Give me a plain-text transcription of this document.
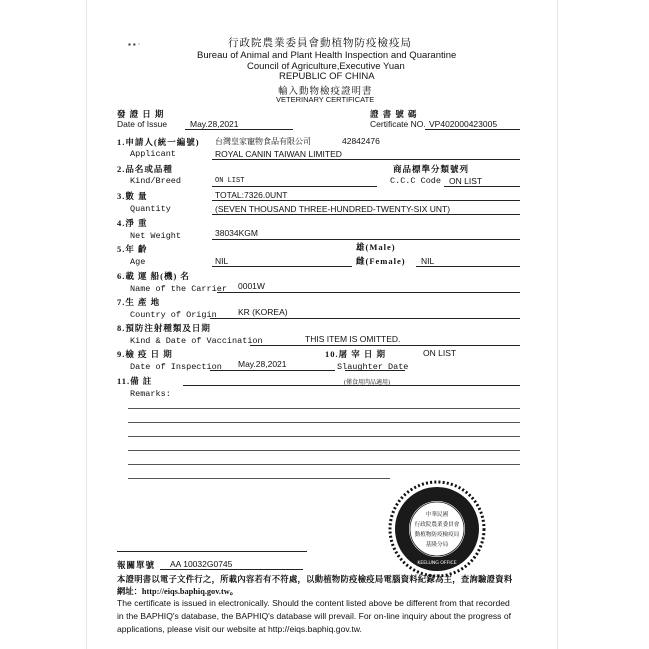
▪ ▪ ·	行政院農業委員會動植物防疫檢疫局
Bureau of Animal and Plant Health Inspection and Quarantine
Council of Agriculture,Executive Yuan
REPUBLIC OF CHINA
輸入動物檢疫證明書
VETERINARY CERTIFICATE
發 證 日 期
Date of Issue	May.28,2021
證 書 號 碼
Certificate NO. VP402000423005
1.申請人(統一編號) 台灣皇家寵物食品有限公司	42842476
Applicant	ROYAL CANIN TAIWAN LIMITED
2.品名或品種	商品標準分類號列
Kind/Breed	ON LIST	C.C.C Code ON LIST
3.數 量	TOTAL:7326.0UNT
Quantity	(SEVEN THOUSAND THREE-HUNDRED-TWENTY-SIX UNT)
4.淨 重
Net Weight	38034KGM
5.年 齡	雄(Male)
Age	NIL	雌(Female) NIL
6.載 運 船(機) 名
Name of the Carrier 0001W
7.生 產 地
Country of Origin	KR (KOREA)
8.預防注射種類及日期
Kind & Date of Vaccination	THIS ITEM IS OMITTED.
9.檢 疫 日 期	10.屠 宰 日 期	ON LIST
Date of Inspection May.28,2021	Slaughter Date
11.備 註	(僅食用肉品適用)
Remarks:
中華民國
行政院農業委員會
動植物防疫檢疫局
基隆分局
KEELUNG OFFICE
報關單號 AA 10032G0745
本證明書以電子文件行之，所載內容若有不符處，以動植物防疫檢疫局電腦資料紀錄為主，查詢驗證資料
網址：http://eiqs.baphiq.gov.tw。
The certificate is issued in electronically. Should the content listed above be different from that recorded
in the BAPHIQ's database, the BAPHIQ's database will prevail. For on-line inquiry about the progress of
applications, please visit our website at http://eiqs.baphiq.gov.tw.
